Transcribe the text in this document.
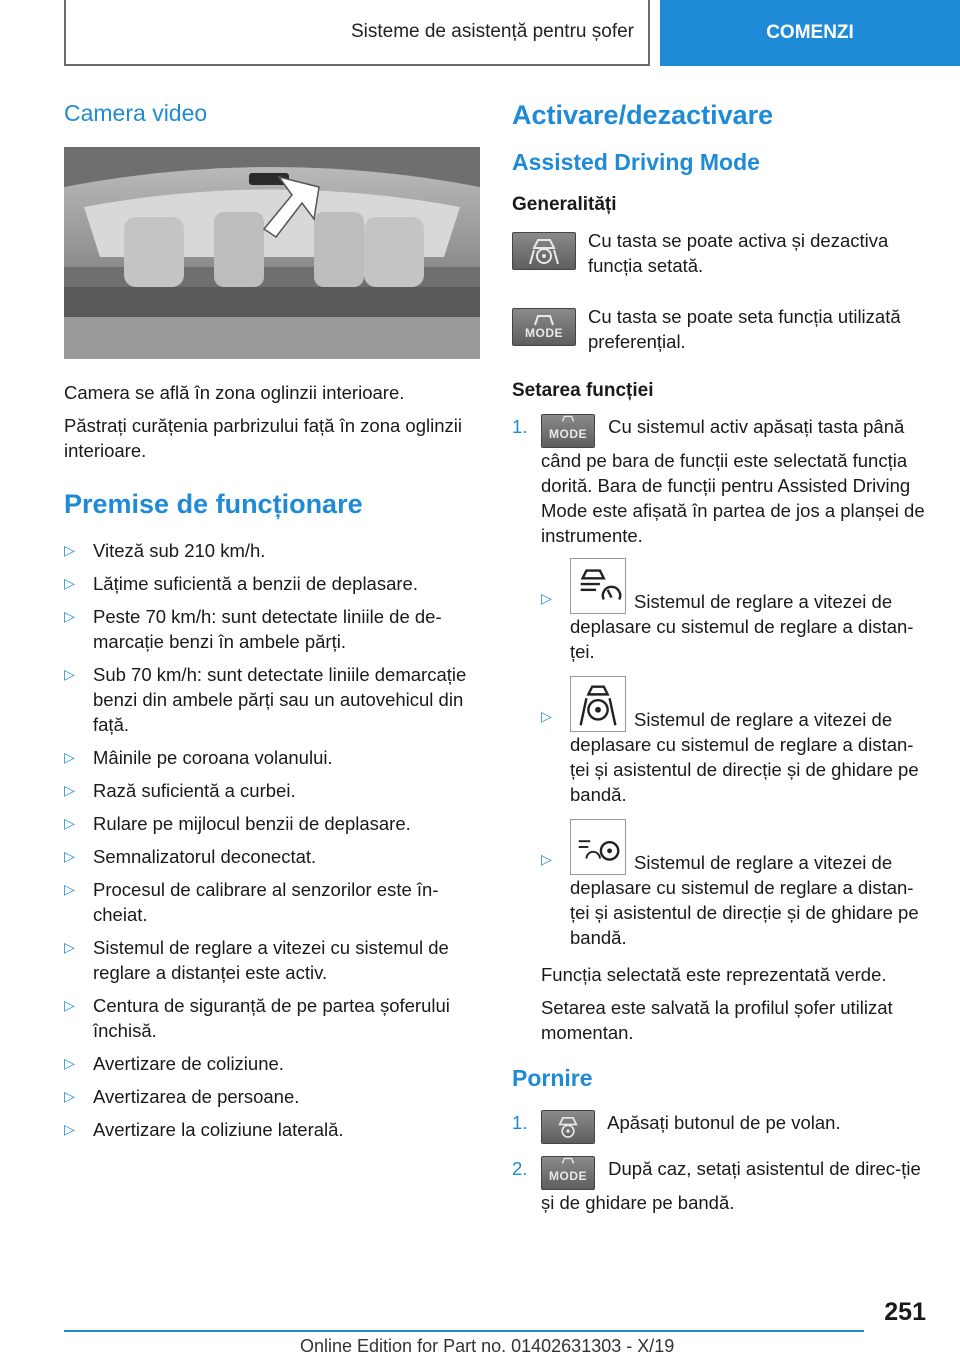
Sisteme de asistență pentru șofer	COMENZI
Camera video

Camera se află în zona oglinzii interioare.

Păstrați curățenia parbrizului față în zona oglinzii interioare.

Premise de funcționare
▷ Viteză sub 210 km/h.
▷ Lățime suficientă a benzii de deplasare.
▷ Peste 70 km/h: sunt detectate liniile de de-marcație benzi în ambele părți.
▷ Sub 70 km/h: sunt detectate liniile demarcație benzi din ambele părți sau un autovehicul din față.
▷ Mâinile pe coroana volanului.
▷ Rază suficientă a curbei.
▷ Rulare pe mijlocul benzii de deplasare.
▷ Semnalizatorul deconectat.
▷ Procesul de calibrare al senzorilor este în-cheiat.
▷ Sistemul de reglare a vitezei cu sistemul de reglare a distanței este activ.
▷ Centura de siguranță de pe partea șoferului închisă.
▷ Avertizare de coliziune.
▷ Avertizarea de persoane.
▷ Avertizare la coliziune laterală.
Activare/dezactivare
Assisted Driving Mode
Generalități

Cu tasta se poate activa și dezactiva funcția setată.

MODE

Cu tasta se poate seta funcția utilizată preferențial.

Setarea funcției
1. MODE Cu sistemul activ apăsați tasta până când pe bara de funcții este selectată funcția dorită. Bara de funcții pentru Assisted Driving Mode este afișată în partea de jos a planșei de instrumente.
▷	Sistemul de reglare a vitezei de deplasare cu sistemul de reglare a distan-ței.
▷	Sistemul de reglare a vitezei de deplasare cu sistemul de reglare a distan-ței și asistentul de direcție și de ghidare pe bandă.
▷	Sistemul de reglare a vitezei de deplasare cu sistemul de reglare a distan-ței și asistentul de direcție și de ghidare pe bandă.

Funcția selectată este reprezentată verde.

Setarea este salvată la profilul șofer utilizat momentan.

Pornire
1.	Apăsați butonul de pe volan.
2. MODE După caz, setați asistentul de direc-ție și de ghidare pe bandă.
251
Online Edition for Part no. 01402631303 - X/19
